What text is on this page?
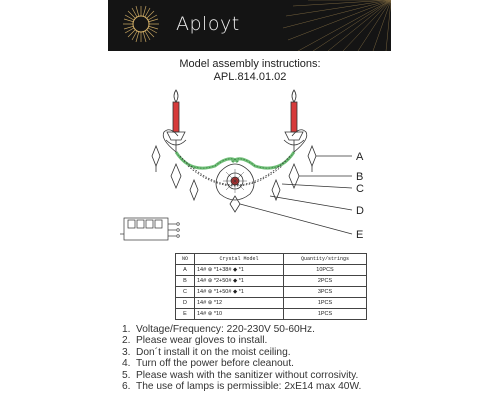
Aployt
Model assembly instructions:
APL.814.01.02
A
B
C
D
E
NO	Crystal Model	Quantity/strings
A	14# ⊛ *1+38# ◆ *1	10PCS
B	14# ⊛ *2+50# ◆ *1	2PCS
C	14# ⊛ *1+50# ◆ *1	3PCS
D	14# ⊛ *12	1PCS
E	14# ⊛ *10	1PCS
1. Voltage/Frequency: 220-230V 50-60Hz.
2. Please wear gloves to install.
3. Don´t install it on the moist ceiling.
4. Turn off the power before cleanout.
5. Please wash with the sanitizer without corrosivity.
6. The use of lamps is permissible: 2xE14 max 40W.
